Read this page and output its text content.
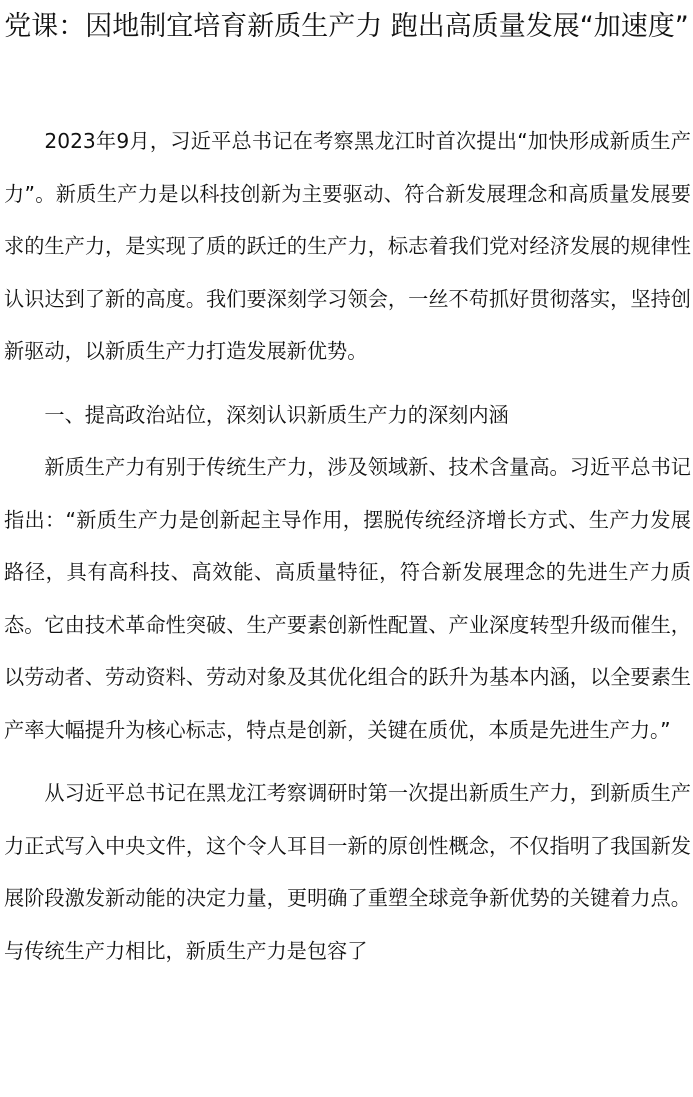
党课：因地制宜培育新质生产力 跑出高质量发展“加速度”

2023年9月，习近平总书记在考察黑龙江时首次提出“加快形成新质生产力”。新质生产力是以科技创新为主要驱动、符合新发展理念和高质量发展要求的生产力，是实现了质的跃迁的生产力，标志着我们党对经济发展的规律性认识达到了新的高度。我们要深刻学习领会，一丝不苟抓好贯彻落实，坚持创新驱动，以新质生产力打造发展新优势。

一、提高政治站位，深刻认识新质生产力的深刻内涵

新质生产力有别于传统生产力，涉及领域新、技术含量高。习近平总书记指出：“新质生产力是创新起主导作用，摆脱传统经济增长方式、生产力发展路径，具有高科技、高效能、高质量特征，符合新发展理念的先进生产力质态。它由技术革命性突破、生产要素创新性配置、产业深度转型升级而催生，以劳动者、劳动资料、劳动对象及其优化组合的跃升为基本内涵，以全要素生产率大幅提升为核心标志，特点是创新，关键在质优，本质是先进生产力。”

从习近平总书记在黑龙江考察调研时第一次提出新质生产力，到新质生产力正式写入中央文件，这个令人耳目一新的原创性概念，不仅指明了我国新发展阶段激发新动能的决定力量，更明确了重塑全球竞争新优势的关键着力点。与传统生产力相比，新质生产力是包容了
